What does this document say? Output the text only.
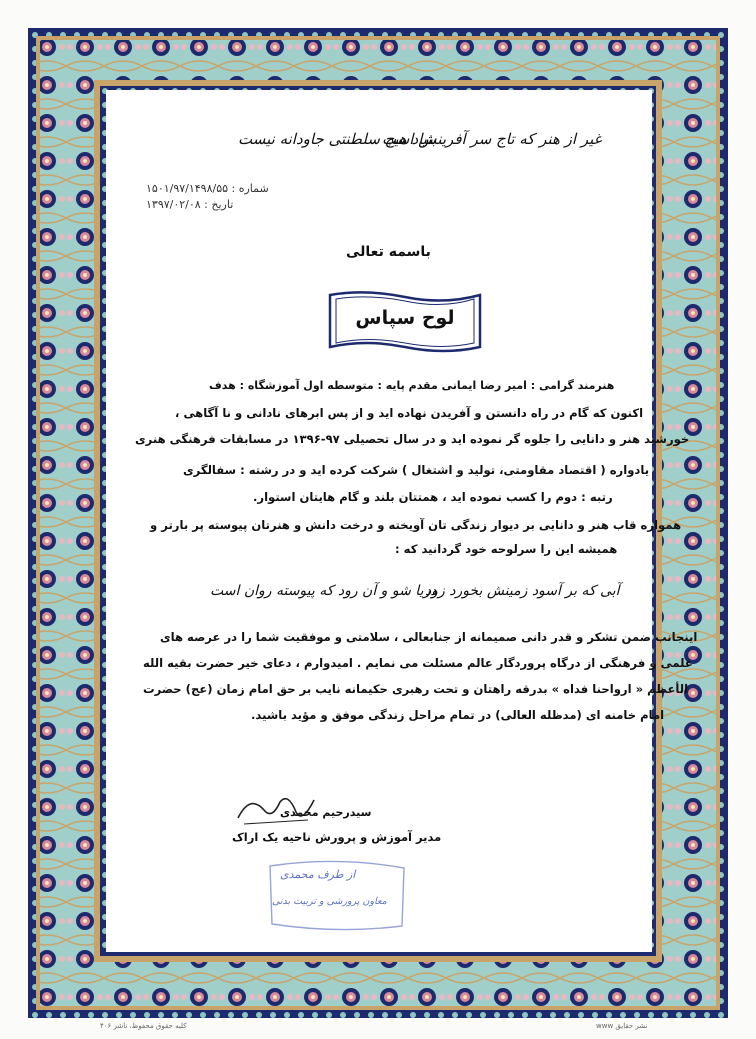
غیر از هنر که تاج سر آفرینش است
بنیاد هیچ سلطنتی جاودانه نیست
شماره : ۱۵۰۱/۹۷/۱۴۹۸/۵۵
تاریخ : ۱۳۹۷/۰۲/۰۸
باسمه تعالی
لوح سپاس
هنرمند گرامی : امیر رضا ایمانی مقدم پایه : متوسطه اول آموزشگاه : هدف
اکنون که گام در راه دانستن و آفریدن نهاده اید و از پس ابرهای نادانی و نا آگاهی ،
خورشید هنر و دانایی را جلوه گر نموده اید و در سال تحصیلی ۹۷-۱۳۹۶ در مسابقات فرهنگی هنری
یادواره ( اقتصاد مقاومتی، تولید و اشتغال ) شرکت کرده اید و در رشته : سفالگری
رتبه : دوم را کسب نموده اید ، همتتان بلند و گام هایتان استوار.
همواره قاب هنر و دانایی بر دیوار زندگی تان آویخته و درخت دانش و هنرتان پیوسته پر بارتر و
همیشه این را سرلوحه خود گردانید که :
آبی که بر آسود زمینش بخورد زود
دریا شو و آن رود که پیوسته روان است
اینجانب ضمن تشکر و قدر دانی صمیمانه از جنابعالی ، سلامتی و موفقیت شما را در عرصه های
علمی و فرهنگی از درگاه پروردگار عالم مسئلت می نمایم . امیدوارم ، دعای خیر حضرت بقیه الله
الأعظم « ارواحنا فداه » بدرقه راهتان و تحت رهبری حکیمانه نایب بر حق امام زمان (عج) حضرت
امام خامنه ای (مدظله العالی) در تمام مراحل زندگی موفق و مؤید باشید.
سیدرحیم محمدی
مدیر آموزش و پرورش ناحیه یک اراک
از طرف محمدی
معاون پرورشی و تربیت بدنی
کلیه حقوق محفوظ، ناشر ۴۰۶	نشر حقایق www
